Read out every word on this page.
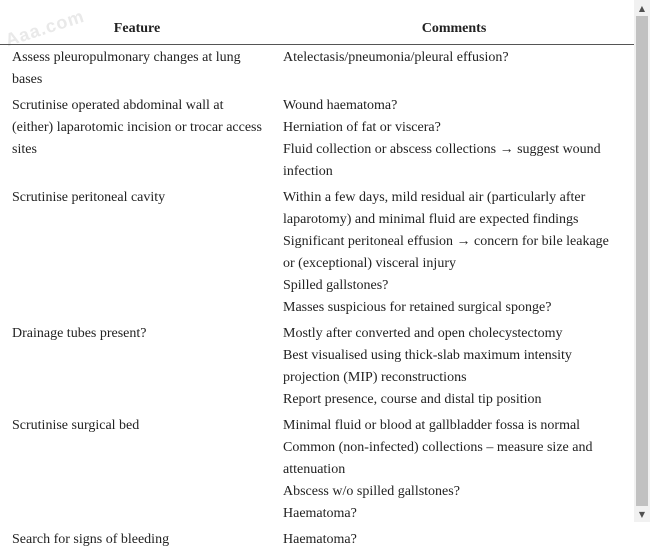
Aaa.com Feature	Comments
Assess pleuropulmonary changes at lung bases	Atelectasis/pneumonia/pleural effusion?

Scrutinise operated abdominal wall at (either) laparotomic incision or trocar access sites	Wound haematoma?
Herniation of fat or viscera?
Fluid collection or abscess collections → suggest wound infection

Scrutinise peritoneal cavity	Within a few days, mild residual air (particularly after laparotomy) and minimal fluid are expected findings
Significant peritoneal effusion → concern for bile leakage or (exceptional) visceral injury
Spilled gallstones?
Masses suspicious for retained surgical sponge?

Drainage tubes present?	Mostly after converted and open cholecystectomy
Best visualised using thick-slab maximum intensity projection (MIP) reconstructions
Report presence, course and distal tip position

Scrutinise surgical bed	Minimal fluid or blood at gallbladder fossa is normal
Common (non-infected) collections – measure size and attenuation
Abscess w/o spilled gallstones?
Haematoma?

Search for signs of bleeding	Haematoma?
▲
▼
